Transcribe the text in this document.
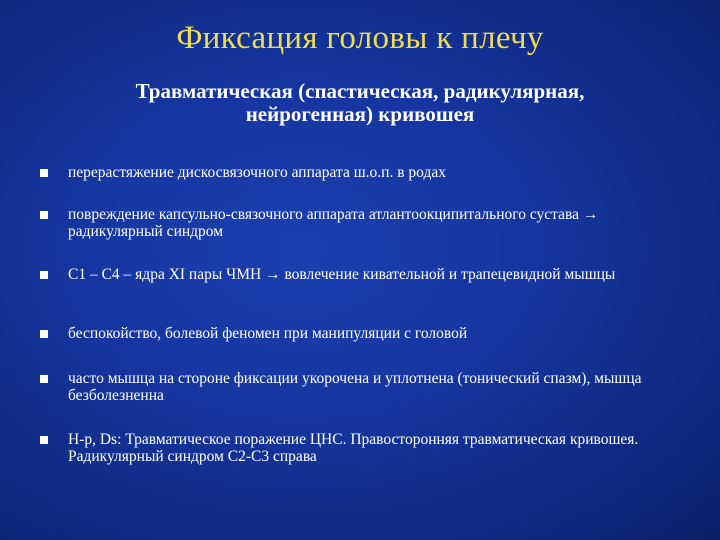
Фиксация головы к плечу
Травматическая (спастическая, радикулярная, нейрогенная) кривошея
перерастяжение дискосвязочного аппарата ш.о.п. в родах
повреждение капсульно-связочного аппарата атлантоокципитального сустава → радикулярный синдром
С1 – С4 – ядра XI пары ЧМН → вовлечение кивательной и трапецевидной мышцы
беспокойство, болевой феномен при манипуляции с головой
часто мышца на стороне фиксации укорочена и уплотнена (тонический спазм), мышца безболезненна
Н-р, Ds: Травматическое поражение ЦНС. Правосторонняя травматическая кривошея. Радикулярный синдром С2-С3 справа
